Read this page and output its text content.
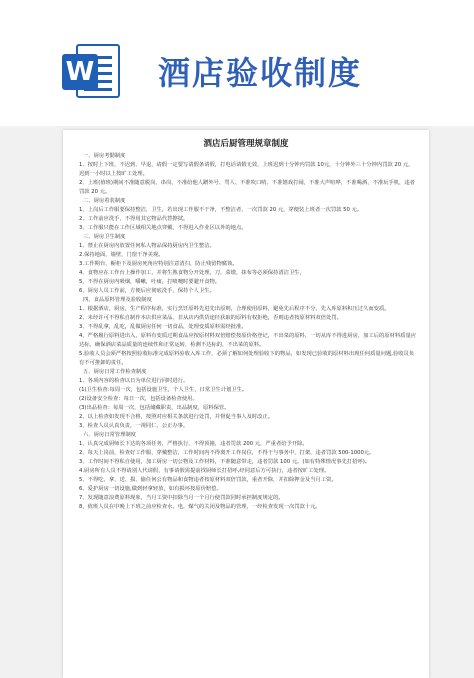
W 酒店验收制度
酒店后厨管理规章制度

一、厨房考勤制度

1、按时上下班，不迟到、早退，请假一定要写请假条请假，打电话请假无效，上班迟到十分钟内罚款 10元，十分钟外三十分钟内罚款 20 元，迟到一小时以上按旷工处理。

2、上班(值班)期间不准随意脱岗、串岗、不准给他人蹭外号、骂人、不准吹口哨、不准嬉戏打闹，不准大声喧哗，不准喝酒，不准玩手机，违者罚款 20 元。

二、厨房着装制度

1、上岗后工作服要保持整洁，卫生，若出现工作服不干净，不整洁者，一次罚款 20 元，穿便装上班者一次罚款 50 元。

2、工作前应洗手，不得用其它物品代替擦拭。

3、工作服只能在工作区域相关地点穿戴，不得进入作业区以外的地点。

三、厨房卫生制度

1、禁止在厨房内放置任何私人物品保持厨房内卫生整洁。

2.保持地面，墙壁，门窗干净美观。

3.工作期台，橱柜下及厨房死角应特别注意清扫，防止残留物腐蚀。

4、食物应在工作台上操作加工，并将生熟食物分开处理，刀，菜墩，抹布等必须保持清洁卫生，

5、不得在厨房内吸烟，嚼嗽，吐痰，打喷嚏时要避开食物。

6、厨房人员工作前，方便后应彻底洗手，保持个人卫生。

四、食品原料管理及验收制度

1、根据酒店，厨房，生产程序标准，实行烹饪原料先进先出原则，合理使用原料，避免先后程序不分，先入库原料积压过久而变质。

2、未经许可不得私自制作本店供应菜品、非从店内供货途径获取的原料有权拒绝，否则违者按原材料双倍处罚。

3、不得乱拿，乱吃，乱做厨房任何一切食品，处理变质原料需经批准。

4、严格履行原料进出入，原料有变质过期食品应按原材料双倍赔偿按原价格登记，不出菜的原料，一切从库不得进厨房，加工后的原材料质量应达标，确保酒店菜品质量的连续性和正常运转，检测不达标的，不出菜的原料。

5.验收人员会须严格按照验收标准完成原料验收入库工作，必须了解如何处理验收下的物品，如发现已验收的原材料出现任何质量问题,验收员负有不可推卸的责任。

五、厨房日常工作检查制度

1、各项内容的检查以日为单位进行同时进行。

(1)卫生检查:每周一次，包括设施卫生，个人卫生，日常卫生计划卫生。

(2)设备安全检查：每日一次，包括设备检查使用。

(3)出品检查：每周一次，包括储藏职责，出品制度，原料保管。

2、以上检查如发现不合格，按照对应相关条款进行处罚，并督促当事人及时改正。

3、检查人员认真负责，一视同仁，公正办事。

六、厨房日常管理制度

1、认真完成厨师长下达的各项任务，严格执行，不得顶撞，违者罚款 200 元，严重者给予开除。

2、每天上岗前，检查好工作服，穿戴整洁，工作时间内不得离开工作岗位，不得干与事务中，打架，违者罚款 500-1000元。

3、工作时间不得私自使用，加工厨房一切公物及工作材料，不准随意带走，违者罚款 100 元。(如有特殊情况事先打招呼)。

4.厨房所有人员不得请别人代请假，有事请假需提前找厨师长打招呼,经同意后方可执行，违者按旷工处理。

5、不得吃、拿、送、损、偷任何公有物品和食物违者按原材料双倍罚款，重者开除，并扣除押金及当月工资。

6、爱护厨房一切设施,做到轻拿轻放，如有损坏按原价赔偿。

7、发现随意浪费原料现象，当月工资中扣除当月一个月行使罚款同时承担制度规定的。

8、值班人员在中晚上下班之前应检查水，电，煤气的关闭及物品的管理，一经检查发现一次罚款十元。
